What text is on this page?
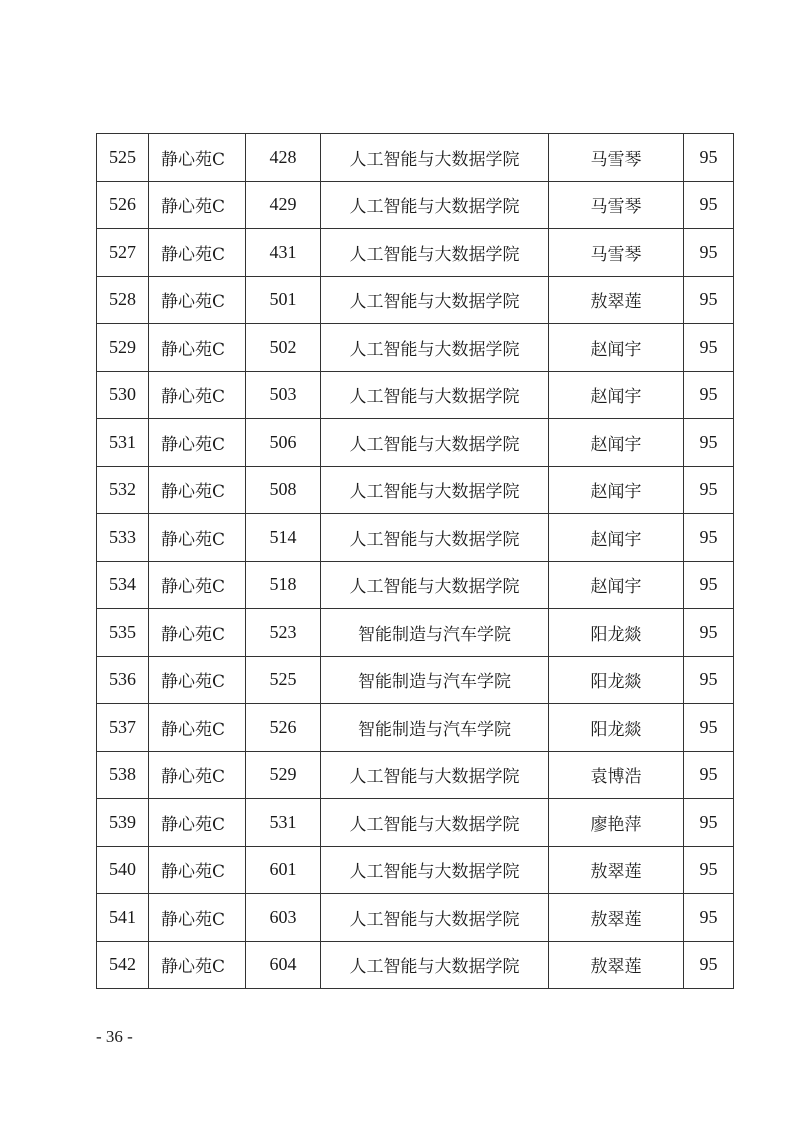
525	静心苑C	428	人工智能与大数据学院	马雪琴	95
526	静心苑C	429	人工智能与大数据学院	马雪琴	95
527	静心苑C	431	人工智能与大数据学院	马雪琴	95
528	静心苑C	501	人工智能与大数据学院	敖翠莲	95
529	静心苑C	502	人工智能与大数据学院	赵闻宇	95
530	静心苑C	503	人工智能与大数据学院	赵闻宇	95
531	静心苑C	506	人工智能与大数据学院	赵闻宇	95
532	静心苑C	508	人工智能与大数据学院	赵闻宇	95
533	静心苑C	514	人工智能与大数据学院	赵闻宇	95
534	静心苑C	518	人工智能与大数据学院	赵闻宇	95
535	静心苑C	523	智能制造与汽车学院	阳龙燚	95
536	静心苑C	525	智能制造与汽车学院	阳龙燚	95
537	静心苑C	526	智能制造与汽车学院	阳龙燚	95
538	静心苑C	529	人工智能与大数据学院	袁博浩	95
539	静心苑C	531	人工智能与大数据学院	廖艳萍	95
540	静心苑C	601	人工智能与大数据学院	敖翠莲	95
541	静心苑C	603	人工智能与大数据学院	敖翠莲	95
542	静心苑C	604	人工智能与大数据学院	敖翠莲	95
- 36 -
